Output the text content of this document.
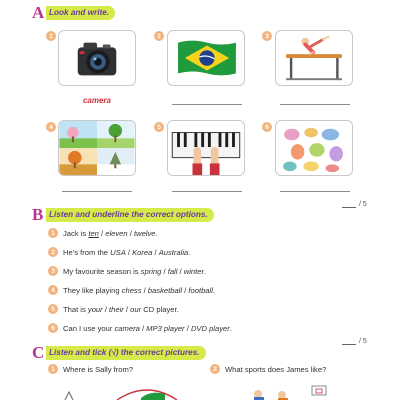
A Look and write.
1
camera
2	3
4	5	6
/ 5
B Listen and underline the correct options.
1	Jack is ten / eleven / twelve .
2	He’s from the USA / Korea / Australia .
3	My favourite season is spring / fall / winter .
4	They like playing chess / basketball / football .
5	That is your / their / our CD player.
6	Can I use your camera / MP3 player / DVD player .
/ 5
C Listen and tick (√) the correct pictures.
1	Where is Sally from?	2	What sports does James like?
